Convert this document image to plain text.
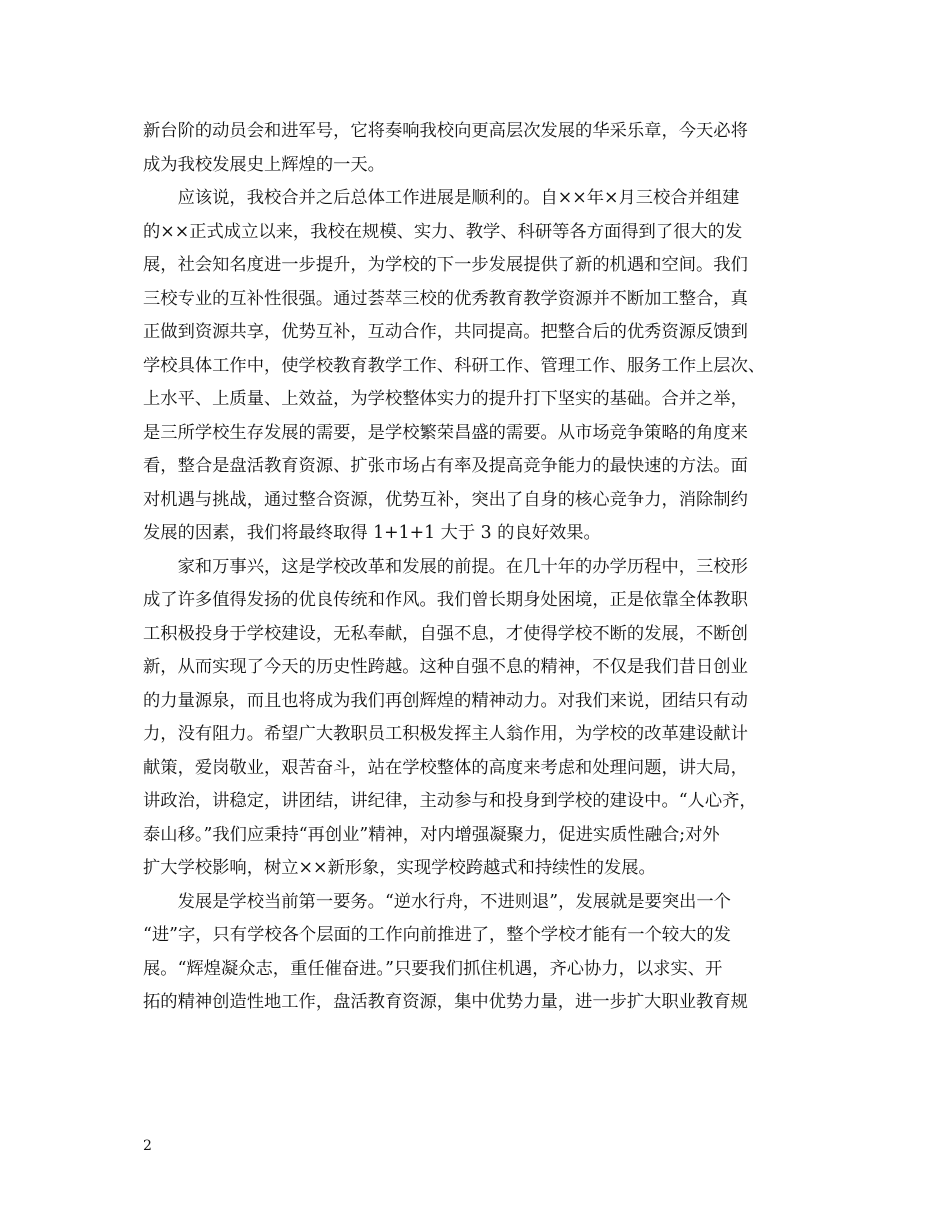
新台阶的动员会和进军号，它将奏响我校向更高层次发展的华采乐章，今天必将
成为我校发展史上辉煌的一天。
　　应该说，我校合并之后总体工作进展是顺利的。自××年×月三校合并组建
的××正式成立以来，我校在规模、实力、教学、科研等各方面得到了很大的发
展，社会知名度进一步提升，为学校的下一步发展提供了新的机遇和空间。我们
三校专业的互补性很强。通过荟萃三校的优秀教育教学资源并不断加工整合，真
正做到资源共享，优势互补，互动合作，共同提高。把整合后的优秀资源反馈到
学校具体工作中，使学校教育教学工作、科研工作、管理工作、服务工作上层次、
上水平、上质量、上效益，为学校整体实力的提升打下坚实的基础。合并之举，
是三所学校生存发展的需要，是学校繁荣昌盛的需要。从市场竞争策略的角度来
看，整合是盘活教育资源、扩张市场占有率及提高竞争能力的最快速的方法。面
对机遇与挑战，通过整合资源，优势互补，突出了自身的核心竞争力，消除制约
发展的因素，我们将最终取得 1+1+1 大于 3 的良好效果。
　　家和万事兴，这是学校改革和发展的前提。在几十年的办学历程中，三校形
成了许多值得发扬的优良传统和作风。我们曾长期身处困境，正是依靠全体教职
工积极投身于学校建设，无私奉献，自强不息，才使得学校不断的发展，不断创
新，从而实现了今天的历史性跨越。这种自强不息的精神，不仅是我们昔日创业
的力量源泉，而且也将成为我们再创辉煌的精神动力。对我们来说，团结只有动
力，没有阻力。希望广大教职员工积极发挥主人翁作用，为学校的改革建设献计
献策，爱岗敬业，艰苦奋斗，站在学校整体的高度来考虑和处理问题，讲大局，
讲政治，讲稳定，讲团结，讲纪律，主动参与和投身到学校的建设中。“人心齐，
泰山移。”我们应秉持“再创业”精神，对内增强凝聚力，促进实质性融合;对外
扩大学校影响，树立××新形象，实现学校跨越式和持续性的发展。
　　发展是学校当前第一要务。“逆水行舟，不进则退”，发展就是要突出一个
“进”字，只有学校各个层面的工作向前推进了，整个学校才能有一个较大的发
展。“辉煌凝众志，重任催奋进。”只要我们抓住机遇，齐心协力，以求实、开
拓的精神创造性地工作，盘活教育资源，集中优势力量，进一步扩大职业教育规
2
